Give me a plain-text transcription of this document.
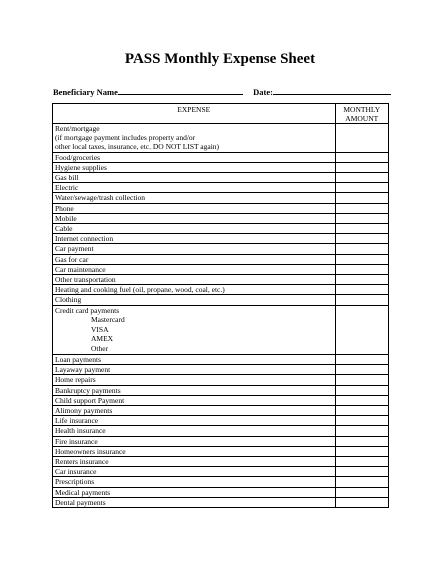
PASS Monthly Expense Sheet
Beneficiary Name	Date:
EXPENSE	MONTHLY
AMOUNT

Rent/mortgage
(if mortgage payment includes property and/or
other local taxes, insurance, etc. DO NOT LIST again)	

Food/groceries	
Hygiene supplies	
Gas bill	
Electric	
Water/sewage/trash collection	
Phone	
Mobile	
Cable	
Internet connection	
Car payment	
Gas for car	
Car maintenance	
Other transportation	
Heating and cooking fuel (oil, propane, wood, coal, etc.)	
Clothing	

Credit card payments
Mastercard
VISA
AMEX
Other	

Loan payments	
Layaway payment	
Home repairs	
Bankruptcy payments	
Child support Payment	
Alimony payments	
Life insurance	
Health insurance	
Fire insurance	
Homeowners insurance	
Renters insurance	
Car insurance	
Prescriptions	
Medical payments	
Dental payments	
